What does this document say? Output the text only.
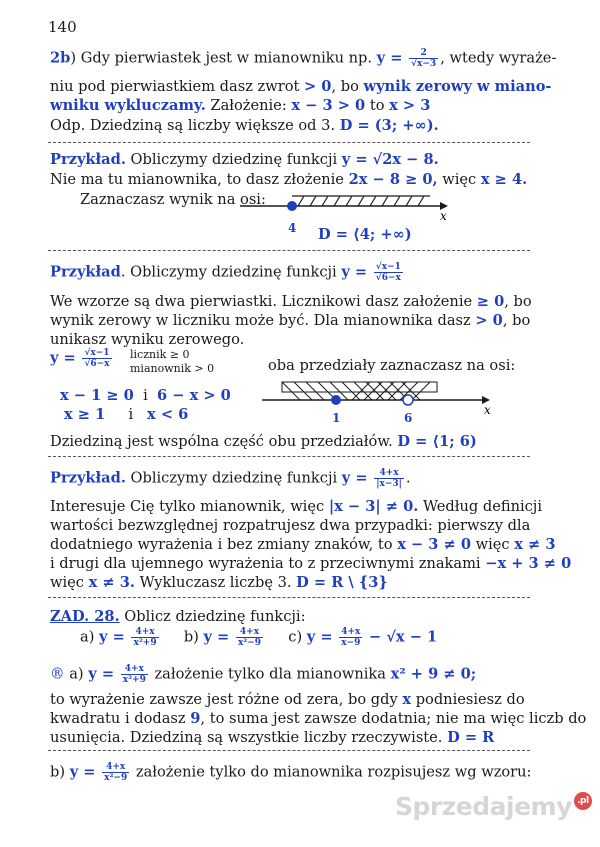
140
2b) Gdy pierwiastek jest w mianowniku np. $y = \frac{2}{√x-3}$ , wtedy wyraże-
niu pod pierwiastkiem dasz zwrot > 0, bo wynik zerowy w miano-
wniku wykluczamy. Założenie: x − 3 > 0 to x > 3
Odp. Dziedziną są liczby większe od 3. D = (3; +∞).
Przykład. Obliczymy dziedzinę funkcji y = √2x − 8.
Nie ma tu mianownika, to dasz złożenie 2x − 8 ≥ 0, więc x ≥ 4.
Zaznaczasz wynik na osi:
x
4 D = ⟨4; +∞)
Przykład. Obliczymy dziedzinę funkcji $y = \frac{√x-1}{√6-x}$
We wzorze są dwa pierwiastki. Licznikowi dasz założenie ≥ 0, bo
wynik zerowy w liczniku może być. Dla mianownika dasz > 0, bo
unikasz wyniku zerowego.
$y = \frac{√x-1}{√6-x}$ licznik ≥ 0
mianownik > 0	oba przedziały zaznaczasz na osi:
x − 1 ≥ 0 i 6 − x > 0
x ≥ 1 i x < 6	x
1	6
Dziedziną jest wspólna część obu przedziałów. D = ⟨1; 6)
Przykład. Obliczymy dziedzinę funkcji $y = \frac{4+x}{|x-3|}$ .
Interesuje Cię tylko mianownik, więc |x − 3| ≠ 0. Według definicji
wartości bezwzględnej rozpatrujesz dwa przypadki: pierwszy dla
dodatniego wyrażenia i bez zmiany znaków, to x − 3 ≠ 0 więc x ≠ 3
i drugi dla ujemnego wyrażenia to z przeciwnymi znakami −x + 3 ≠ 0
więc x ≠ 3. Wykluczasz liczbę 3. D = R \ {3}
ZAD. 28. Oblicz dziedzinę funkcji:
a) $y = \frac{4+x}{\text{x²+9}} b$) $y = \frac{4+x}{\text{x²−9}} c$) $y = \frac{4+x}{x-9} - √x - 1$
® a) $y = \frac{4+x}{\text{x²+9}}$ założenie tylko dla mianownika x² + 9 ≠ 0;
to wyrażenie zawsze jest różne od zera, bo gdy x podniesiesz do
kwadratu i dodasz 9, to suma jest zawsze dodatnia; nie ma więc liczb do
usunięcia. Dziedziną są wszystkie liczby rzeczywiste. D = R
b) $y = \frac{4+x}{\text{x²−9}}$ założenie tylko do mianownika rozpisujesz wg wzoru:
Sprzedajemy .pl
